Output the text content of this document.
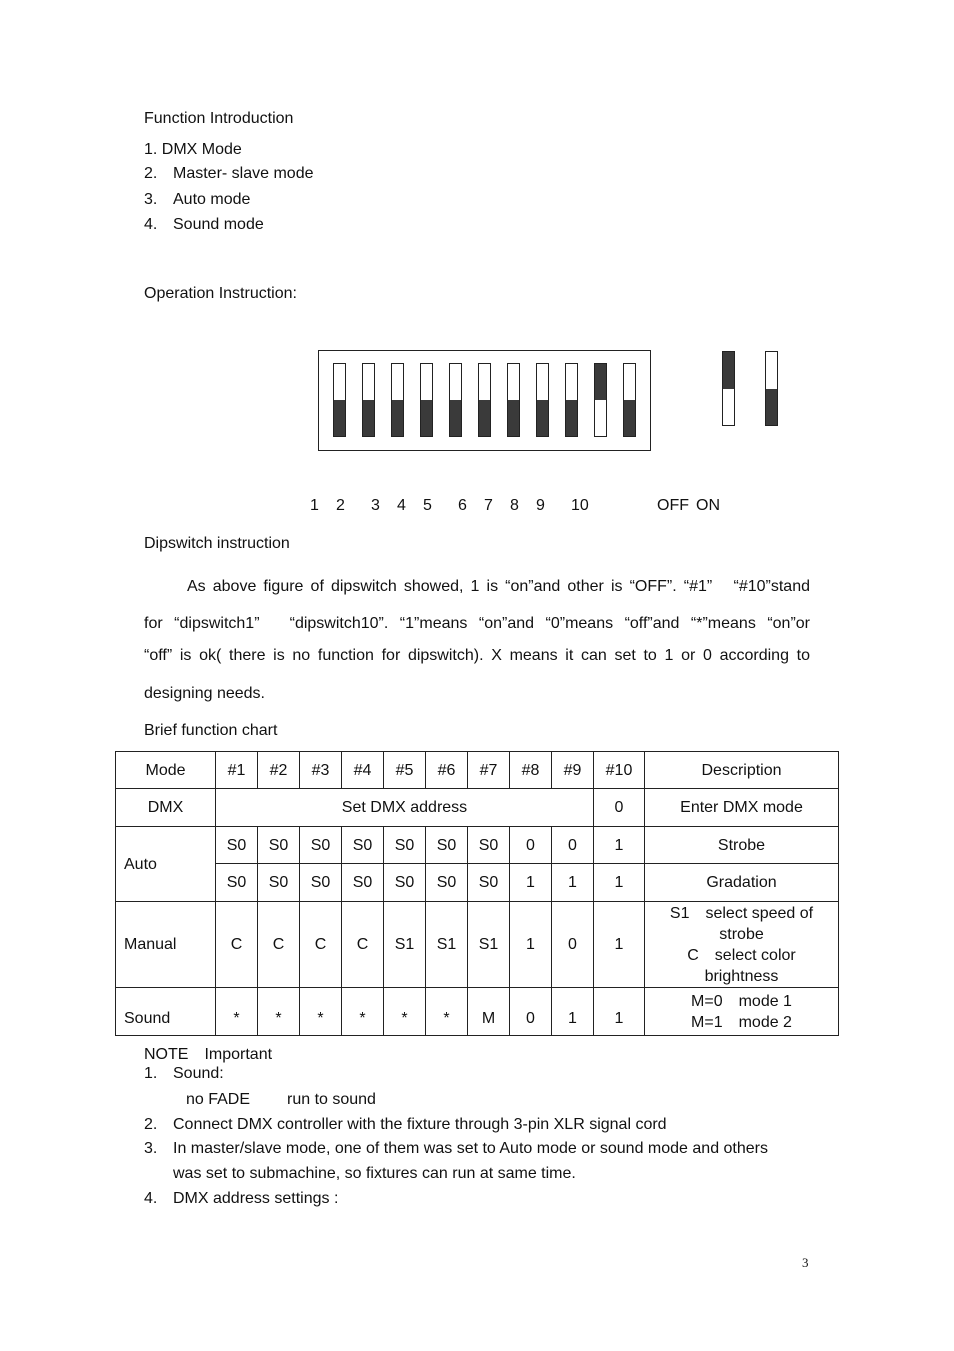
Function Introduction
1. DMX Mode
2. Master- slave mode
3. Auto mode
4. Sound mode
Operation Instruction:
1 2 3 4 5 6 7 8 9 10	OFF ON
Dipswitch instruction
As above figure of dipswitch showed, 1 is “on”and other is “OFF”. “#1”　“#10”stand
for “dipswitch1”　“dipswitch10”. “1”means “on”and “0”means “off”and “*”means “on”or
“off” is ok( there is no function for dipswitch). X means it can set to 1 or 0 according to
designing needs.
Brief function chart
Mode	#1	#2	#3	#4	#5	#6	#7	#8	#9	#10	Description
DMX	Set DMX address									0	Enter DMX mode
Auto	S0	S0	S0	S0	S0	S0	S0	0	0	1	Strobe
	S0	S0	S0	S0	S0	S0	S0	1	1	1	Gradation
Manual	C	C	C	C	S1	S1	S1	1	0	1	S1　select speed of
strobe
C　select color
brightness

Sound	*	*	*	*	*	*	M	0	1	1	M=0　mode 1
M=1　mode 2
NOTE　Important
1. Sound:
no FADE run to sound
2. Connect DMX controller with the fixture through 3-pin XLR signal cord
3. In master/slave mode, one of them was set to Auto mode or sound mode and others
was set to submachine, so fixtures can run at same time.
4. DMX address settings :
3
